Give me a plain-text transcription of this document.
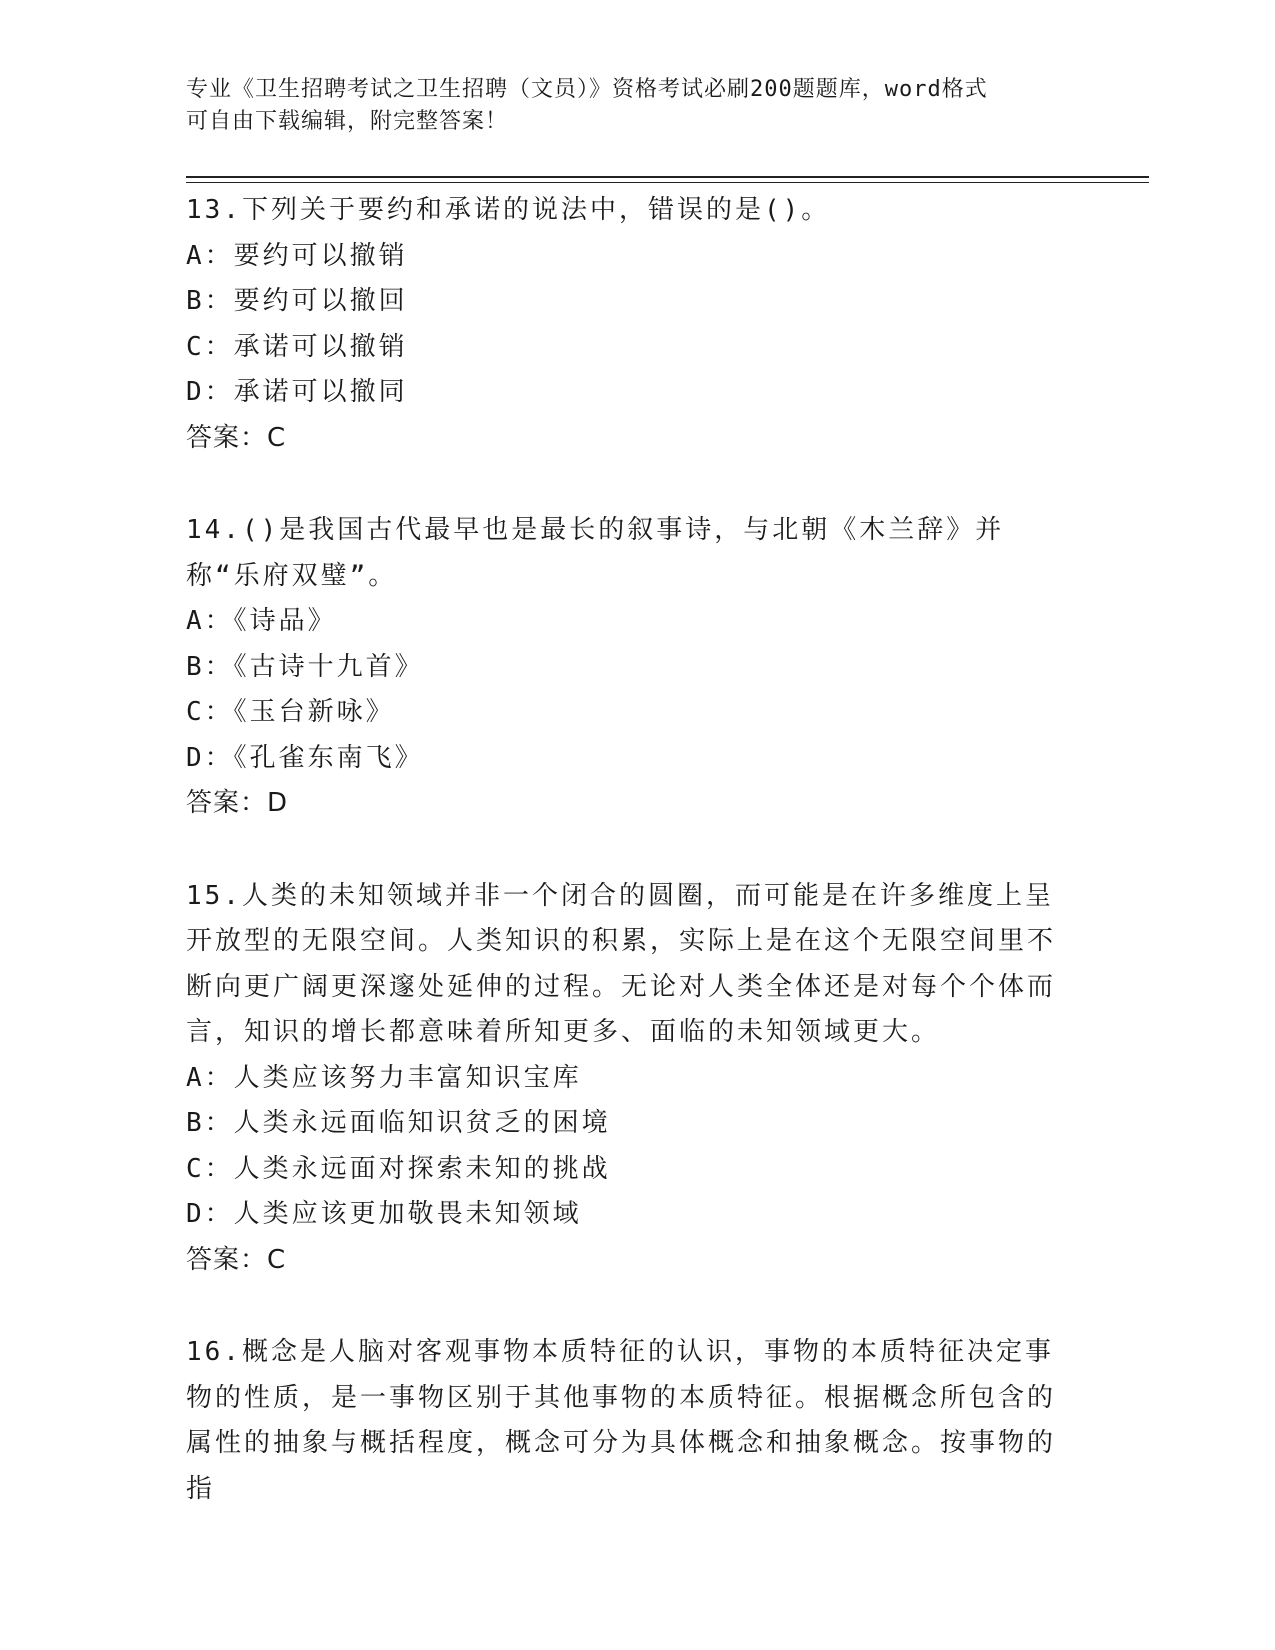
专业《卫生招聘考试之卫生招聘（文员）》资格考试必刷200题题库，word格式
可自由下载编辑，附完整答案！

13.下列关于要约和承诺的说法中，错误的是()。

A：要约可以撤销

B：要约可以撤回

C：承诺可以撤销

D：承诺可以撤同

答案：C

14.()是我国古代最早也是最长的叙事诗，与北朝《木兰辞》并称“乐府双璧”。

A：《诗品》

B：《古诗十九首》

C：《玉台新咏》

D：《孔雀东南飞》

答案：D

15.人类的未知领域并非一个闭合的圆圈，而可能是在许多维度上呈开放型的无限空间。人类知识的积累，实际上是在这个无限空间里不断向更广阔更深邃处延伸的过程。无论对人类全体还是对每个个体而言，知识的增长都意味着所知更多、面临的未知领域更大。

A：人类应该努力丰富知识宝库

B：人类永远面临知识贫乏的困境

C：人类永远面对探索未知的挑战

D：人类应该更加敬畏未知领域

答案：C

16.概念是人脑对客观事物本质特征的认识，事物的本质特征决定事物的性质，是一事物区别于其他事物的本质特征。根据概念所包含的属性的抽象与概括程度，概念可分为具体概念和抽象概念。按事物的指
